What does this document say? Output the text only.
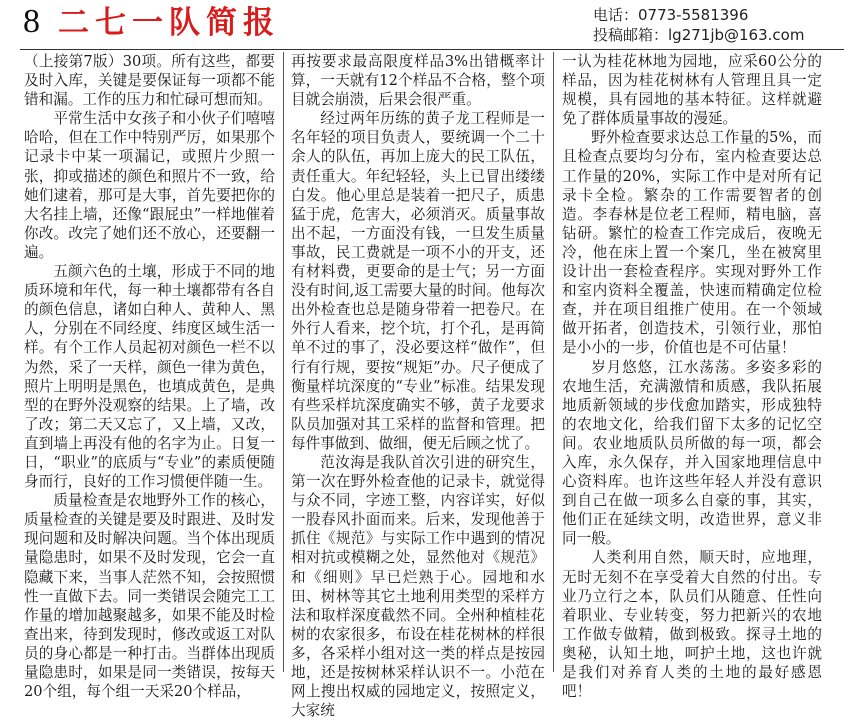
8 二七一队简报	电话：0773-5581396
投稿邮箱：lg271jb@163.com

（上接第7版）30项。所有这些，都要及时入库，关键是要保证每一项都不能错和漏。工作的压力和忙碌可想而知。

平常生活中女孩子和小伙子们嘻嘻哈哈，但在工作中特别严厉，如果那个记录卡中某一项漏记，或照片少照一张，抑或描述的颜色和照片不一致，给她们逮着，那可是大事，首先要把你的大名挂上墙，还像“跟屁虫”一样地催着你改。改完了她们还不放心，还要翻一遍。

五颜六色的土壤，形成于不同的地质环境和年代，每一种土壤都带有各自的颜色信息，诸如白种人、黄种人、黑人，分别在不同经度、纬度区域生活一样。有个工作人员起初对颜色一栏不以为然，采了一天样，颜色一律为黄色，照片上明明是黑色，也填成黄色，是典型的在野外没观察的结果。上了墙，改了改；第二天又忘了，又上墙，又改，直到墙上再没有他的名字为止。日复一日，“职业”的底质与“专业”的素质便随身而行，良好的工作习惯便伴随一生。

质量检查是农地野外工作的核心，质量检查的关键是要及时跟进、及时发现问题和及时解决问题。当个体出现质量隐患时，如果不及时发现，它会一直隐藏下来，当事人茫然不知，会按照惯性一直做下去。同一类错误会随完工工作量的增加越聚越多，如果不能及时检查出来，待到发现时，修改或返工对队员的身心都是一种打击。当群体出现质量隐患时，如果是同一类错误，按每天20个组，每个组一天采20个样品，

再按要求最高限度样品3%出错概率计算，一天就有12个样品不合格，整个项目就会崩溃，后果会很严重。

经过两年历练的黄子龙工程师是一名年轻的项目负责人，要统调一个二十余人的队伍，再加上庞大的民工队伍，责任重大。年纪轻轻，头上已冒出缕缕白发。他心里总是装着一把尺子，质患猛于虎，危害大，必须消灭。质量事故出不起，一方面没有钱，一旦发生质量事故，民工费就是一项不小的开支，还有材料费，更要命的是士气；另一方面没有时间,返工需要大量的时间。他每次出外检查也总是随身带着一把卷尺。在外行人看来，挖个坑，打个孔，是再简单不过的事了，没必要这样“做作”，但行有行规，要按“规矩”办。尺子便成了衡量样坑深度的“专业”标准。结果发现有些采样坑深度确实不够，黄子龙要求队员加强对其工采样的监督和管理。把每件事做到、做细，便无后顾之忧了。

范汝海是我队首次引进的研究生，第一次在野外检查他的记录卡，就觉得与众不同，字迹工整，内容详实，好似一股春风扑面而来。后来，发现他善于抓住《规范》与实际工作中遇到的情况相对抗或模糊之处，显然他对《规范》和《细则》早已烂熟于心。园地和水田、树林等其它土地利用类型的采样方法和取样深度截然不同。全州种植桂花树的农家很多，布设在桂花树林的样很多，各采样小组对这一类的样点是按园地，还是按树林采样认识不一。小范在网上搜出权威的园地定义，按照定义，大家统

一认为桂花林地为园地，应采60公分的样品，因为桂花树林有人管理且具一定规模，具有园地的基本特征。这样就避免了群体质量事故的漫延。

野外检查要求达总工作量的5%，而且检查点要均匀分布，室内检查要达总工作量的20%，实际工作中是对所有记录卡全检。繁杂的工作需要智者的创造。李春林是位老工程师，精电脑，喜钻研。繁忙的检查工作完成后，夜晚无冷，他在床上置一个案几，坐在被窝里设计出一套检查程序。实现对野外工作和室内资料全覆盖，快速而精确定位检查，并在项目组推广使用。在一个领域做开拓者，创造技术，引领行业，那怕是小小的一步，价值也是不可估量！

岁月悠悠，江水荡荡。多姿多彩的农地生活，充满激情和质感，我队拓展地质新领域的步伐愈加踏实，形成独特的农地文化，给我们留下太多的记忆空间。农业地质队员所做的每一项，都会入库，永久保存，并入国家地理信息中心资料库。也许这些年轻人并没有意识到自己在做一项多么自豪的事，其实，他们正在延续文明，改造世界，意义非同一般。

人类利用自然，顺天时，应地理，无时无刻不在享受着大自然的付出。专业乃立行之本，队员们从随意、任性向着职业、专业转变，努力把新兴的农地工作做专做精，做到极致。探寻土地的奥秘，认知土地，呵护土地，这也许就是我们对养育人类的土地的最好感恩吧！
